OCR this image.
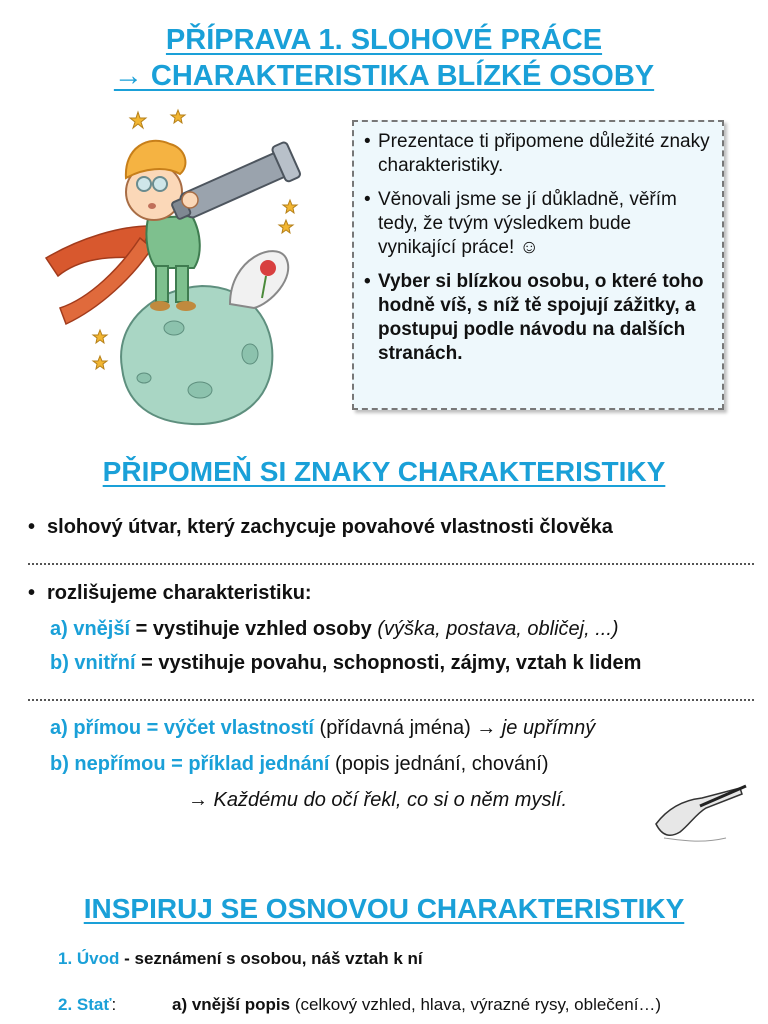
PŘÍPRAVA 1. SLOHOVÉ PRÁCE
→ CHARAKTERISTIKA BLÍZKÉ OSOBY
• Prezentace ti připomene důležité znaky charakteristiky.
• Věnovali jsme se jí důkladně, věřím tedy, že tvým výsledkem bude vynikající práce! ☺
• Vyber si blízkou osobu, o které toho hodně víš, s níž tě spojují zážitky, a postupuj podle návodu na dalších stranách.
PŘIPOMEŇ SI ZNAKY CHARAKTERISTIKY
• slohový útvar, který zachycuje povahové vlastnosti člověka
• rozlišujeme charakteristiku:
a) vnější = vystihuje vzhled osoby (výška, postava, obličej, ...)
b) vnitřní = vystihuje povahu, schopnosti, zájmy, vztah k lidem
a) přímou = výčet vlastností (přídavná jména) → je upřímný
b) nepřímou = příklad jednání (popis jednání, chování)
→ Každému do očí řekl, co si o něm myslí.
INSPIRUJ SE OSNOVOU CHARAKTERISTIKY
1. Úvod - seznámení s osobou, náš vztah k ní
2. Stať:	a) vnější popis (celkový vzhled, hlava, výrazné rysy, oblečení…)
